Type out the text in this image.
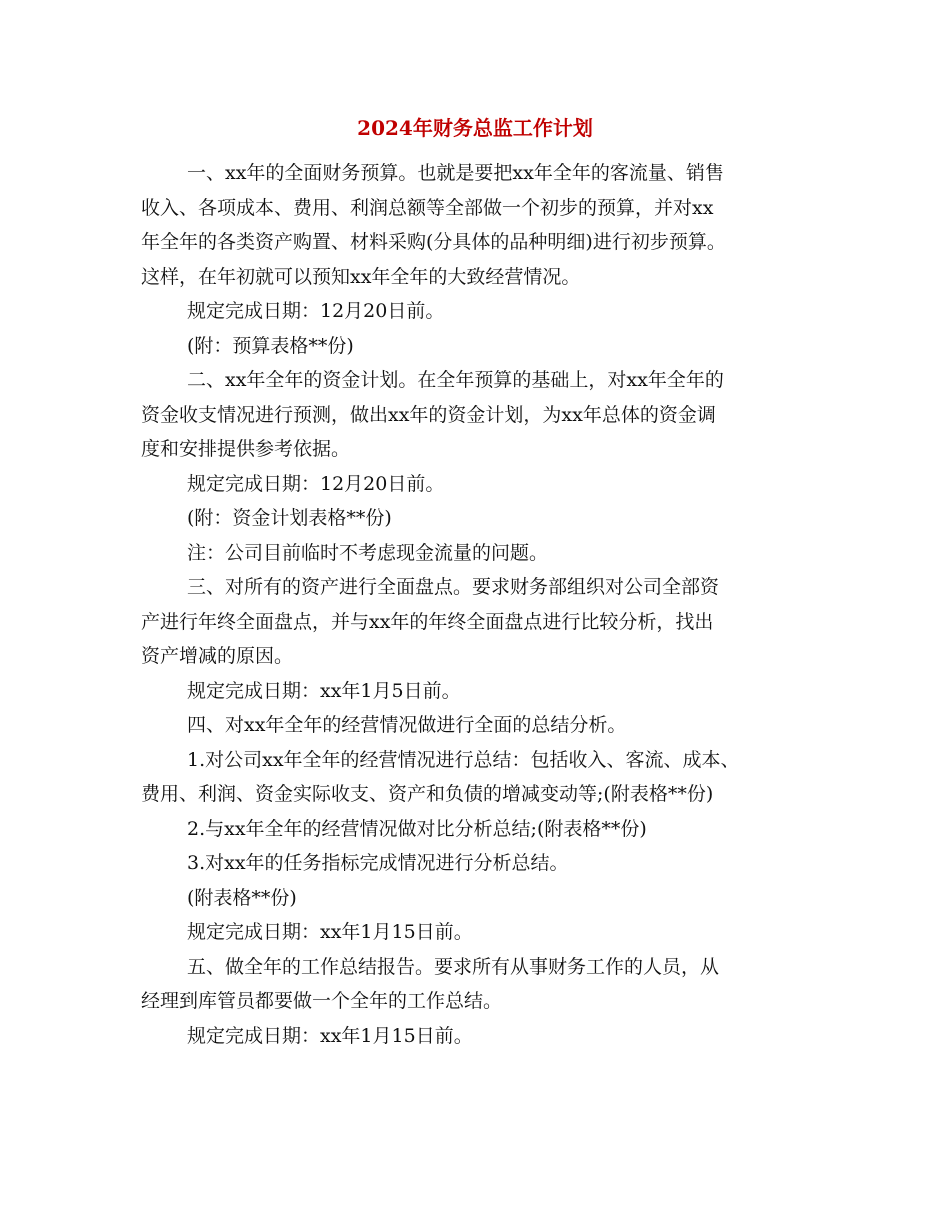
2024年财务总监工作计划
一、xx年的全面财务预算。也就是要把xx年全年的客流量、销售
收入、各项成本、费用、利润总额等全部做一个初步的预算，并对xx
年全年的各类资产购置、材料采购(分具体的品种明细)进行初步预算。
这样，在年初就可以预知xx年全年的大致经营情况。
规定完成日期：12月20日前。
(附：预算表格**份)
二、xx年全年的资金计划。在全年预算的基础上，对xx年全年的
资金收支情况进行预测，做出xx年的资金计划，为xx年总体的资金调
度和安排提供参考依据。
规定完成日期：12月20日前。
(附：资金计划表格**份)
注：公司目前临时不考虑现金流量的问题。
三、对所有的资产进行全面盘点。要求财务部组织对公司全部资
产进行年终全面盘点，并与xx年的年终全面盘点进行比较分析，找出
资产增减的原因。
规定完成日期：xx年1月5日前。
四、对xx年全年的经营情况做进行全面的总结分析。
1.对公司xx年全年的经营情况进行总结：包括收入、客流、成本、
费用、利润、资金实际收支、资产和负债的增减变动等;(附表格**份)
2.与xx年全年的经营情况做对比分析总结;(附表格**份)
3.对xx年的任务指标完成情况进行分析总结。
(附表格**份)
规定完成日期：xx年1月15日前。
五、做全年的工作总结报告。要求所有从事财务工作的人员，从
经理到库管员都要做一个全年的工作总结。
规定完成日期：xx年1月15日前。
